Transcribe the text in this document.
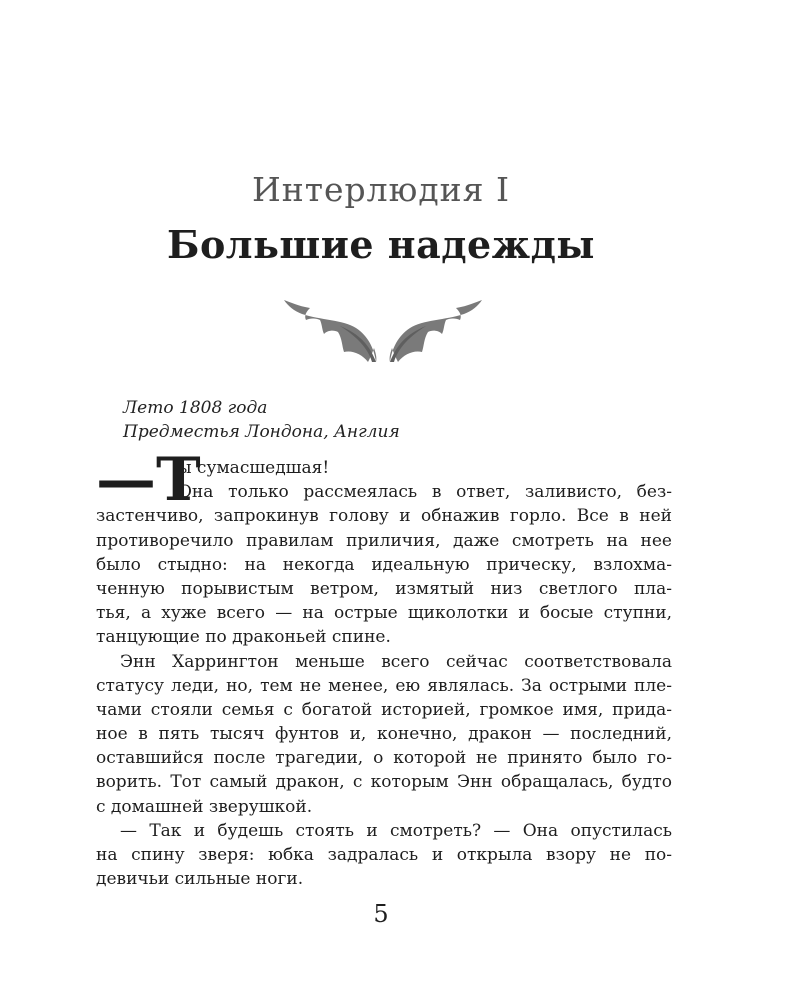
Интерлюдия I
Большие надежды
Лето 1808 года
Предместья Лондона, Англия
—Т
ы сумасшедшая!
Она только рассмеялась в ответ, заливисто, без-
застенчиво, запрокинув голову и обнажив горло. Все в ней
противоречило правилам приличия, даже смотреть на нее
было стыдно: на некогда идеальную прическу, взлохма-
ченную порывистым ветром, измятый низ светлого пла-
тья, а хуже всего — на острые щиколотки и босые ступни,
танцующие по драконьей спине.
Энн Харрингтон меньше всего сейчас соответствовала
статусу леди, но, тем не менее, ею являлась. За острыми пле-
чами стояли семья с богатой историей, громкое имя, прида-
ное в пять тысяч фунтов и, конечно, дракон — последний,
оставшийся после трагедии, о которой не принято было го-
ворить. Тот самый дракон, с которым Энн обращалась, будто
с домашней зверушкой.
— Так и будешь стоять и смотреть? — Она опустилась
на спину зверя: юбка задралась и открыла взору не по-
девичьи сильные ноги.
5
